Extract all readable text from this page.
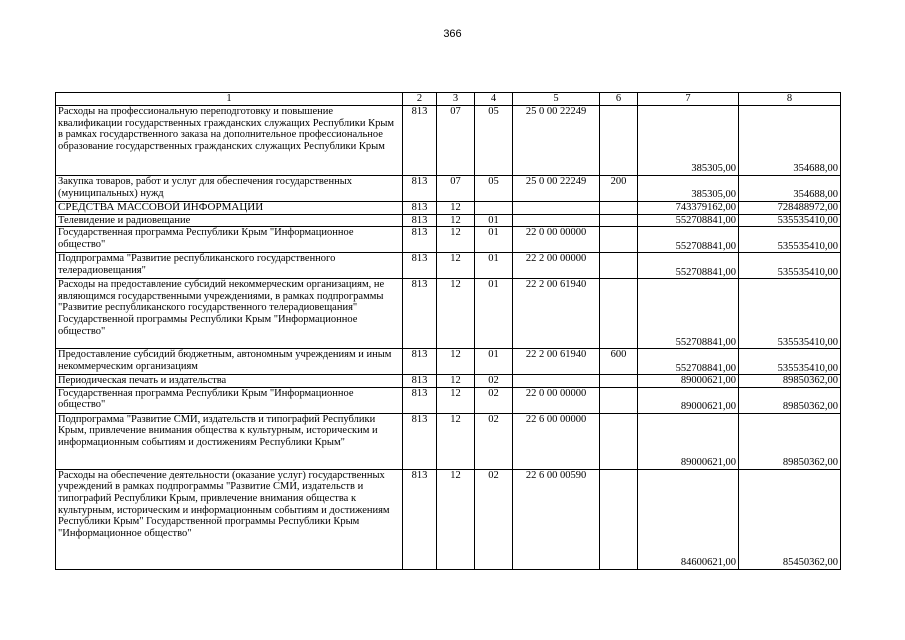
366
1	2	3	4	5	6	7	8
Расходы на профессиональную переподготовку и повышение квалификации государственных гражданских служащих Республики Крым в рамках государственного заказа на дополнительное профессиональное образование государственных гражданских служащих Республики Крым	813	07	05	25 0 00 22249		385305,00	354688,00
Закупка товаров, работ и услуг для обеспечения государственных (муниципальных) нужд	813	07	05	25 0 00 22249	200	385305,00	354688,00
СРЕДСТВА МАССОВОЙ ИНФОРМАЦИИ	813	12				743379162,00	728488972,00
Телевидение и радиовещание	813	12	01			552708841,00	535535410,00
Государственная программа Республики Крым "Информационное общество"	813	12	01	22 0 00 00000		552708841,00	535535410,00
Подпрограмма "Развитие республиканского государственного телерадиовещания"	813	12	01	22 2 00 00000		552708841,00	535535410,00
Расходы на предоставление субсидий некоммерческим организациям, не являющимся государственными учреждениями, в рамках подпрограммы "Развитие республиканского государственного телерадиовещания" Государственной программы Республики Крым "Информационное общество"	813	12	01	22 2 00 61940		552708841,00	535535410,00
Предоставление субсидий бюджетным, автономным учреждениям и иным некоммерческим организациям	813	12	01	22 2 00 61940	600	552708841,00	535535410,00
Периодическая печать и издательства	813	12	02			89000621,00	89850362,00
Государственная программа Республики Крым "Информационное общество"	813	12	02	22 0 00 00000		89000621,00	89850362,00
Подпрограмма "Развитие СМИ, издательств и типографий Республики Крым, привлечение внимания общества к культурным, историческим и информационным событиям и достижениям Республики Крым"	813	12	02	22 6 00 00000		89000621,00	89850362,00
Расходы на обеспечение деятельности (оказание услуг) государственных учреждений в рамках подпрограммы "Развитие СМИ, издательств и типографий Республики Крым, привлечение внимания общества к культурным, историческим и информационным событиям и достижениям Республики Крым" Государственной программы Республики Крым "Информационное общество"	813	12	02	22 6 00 00590		84600621,00	85450362,00
